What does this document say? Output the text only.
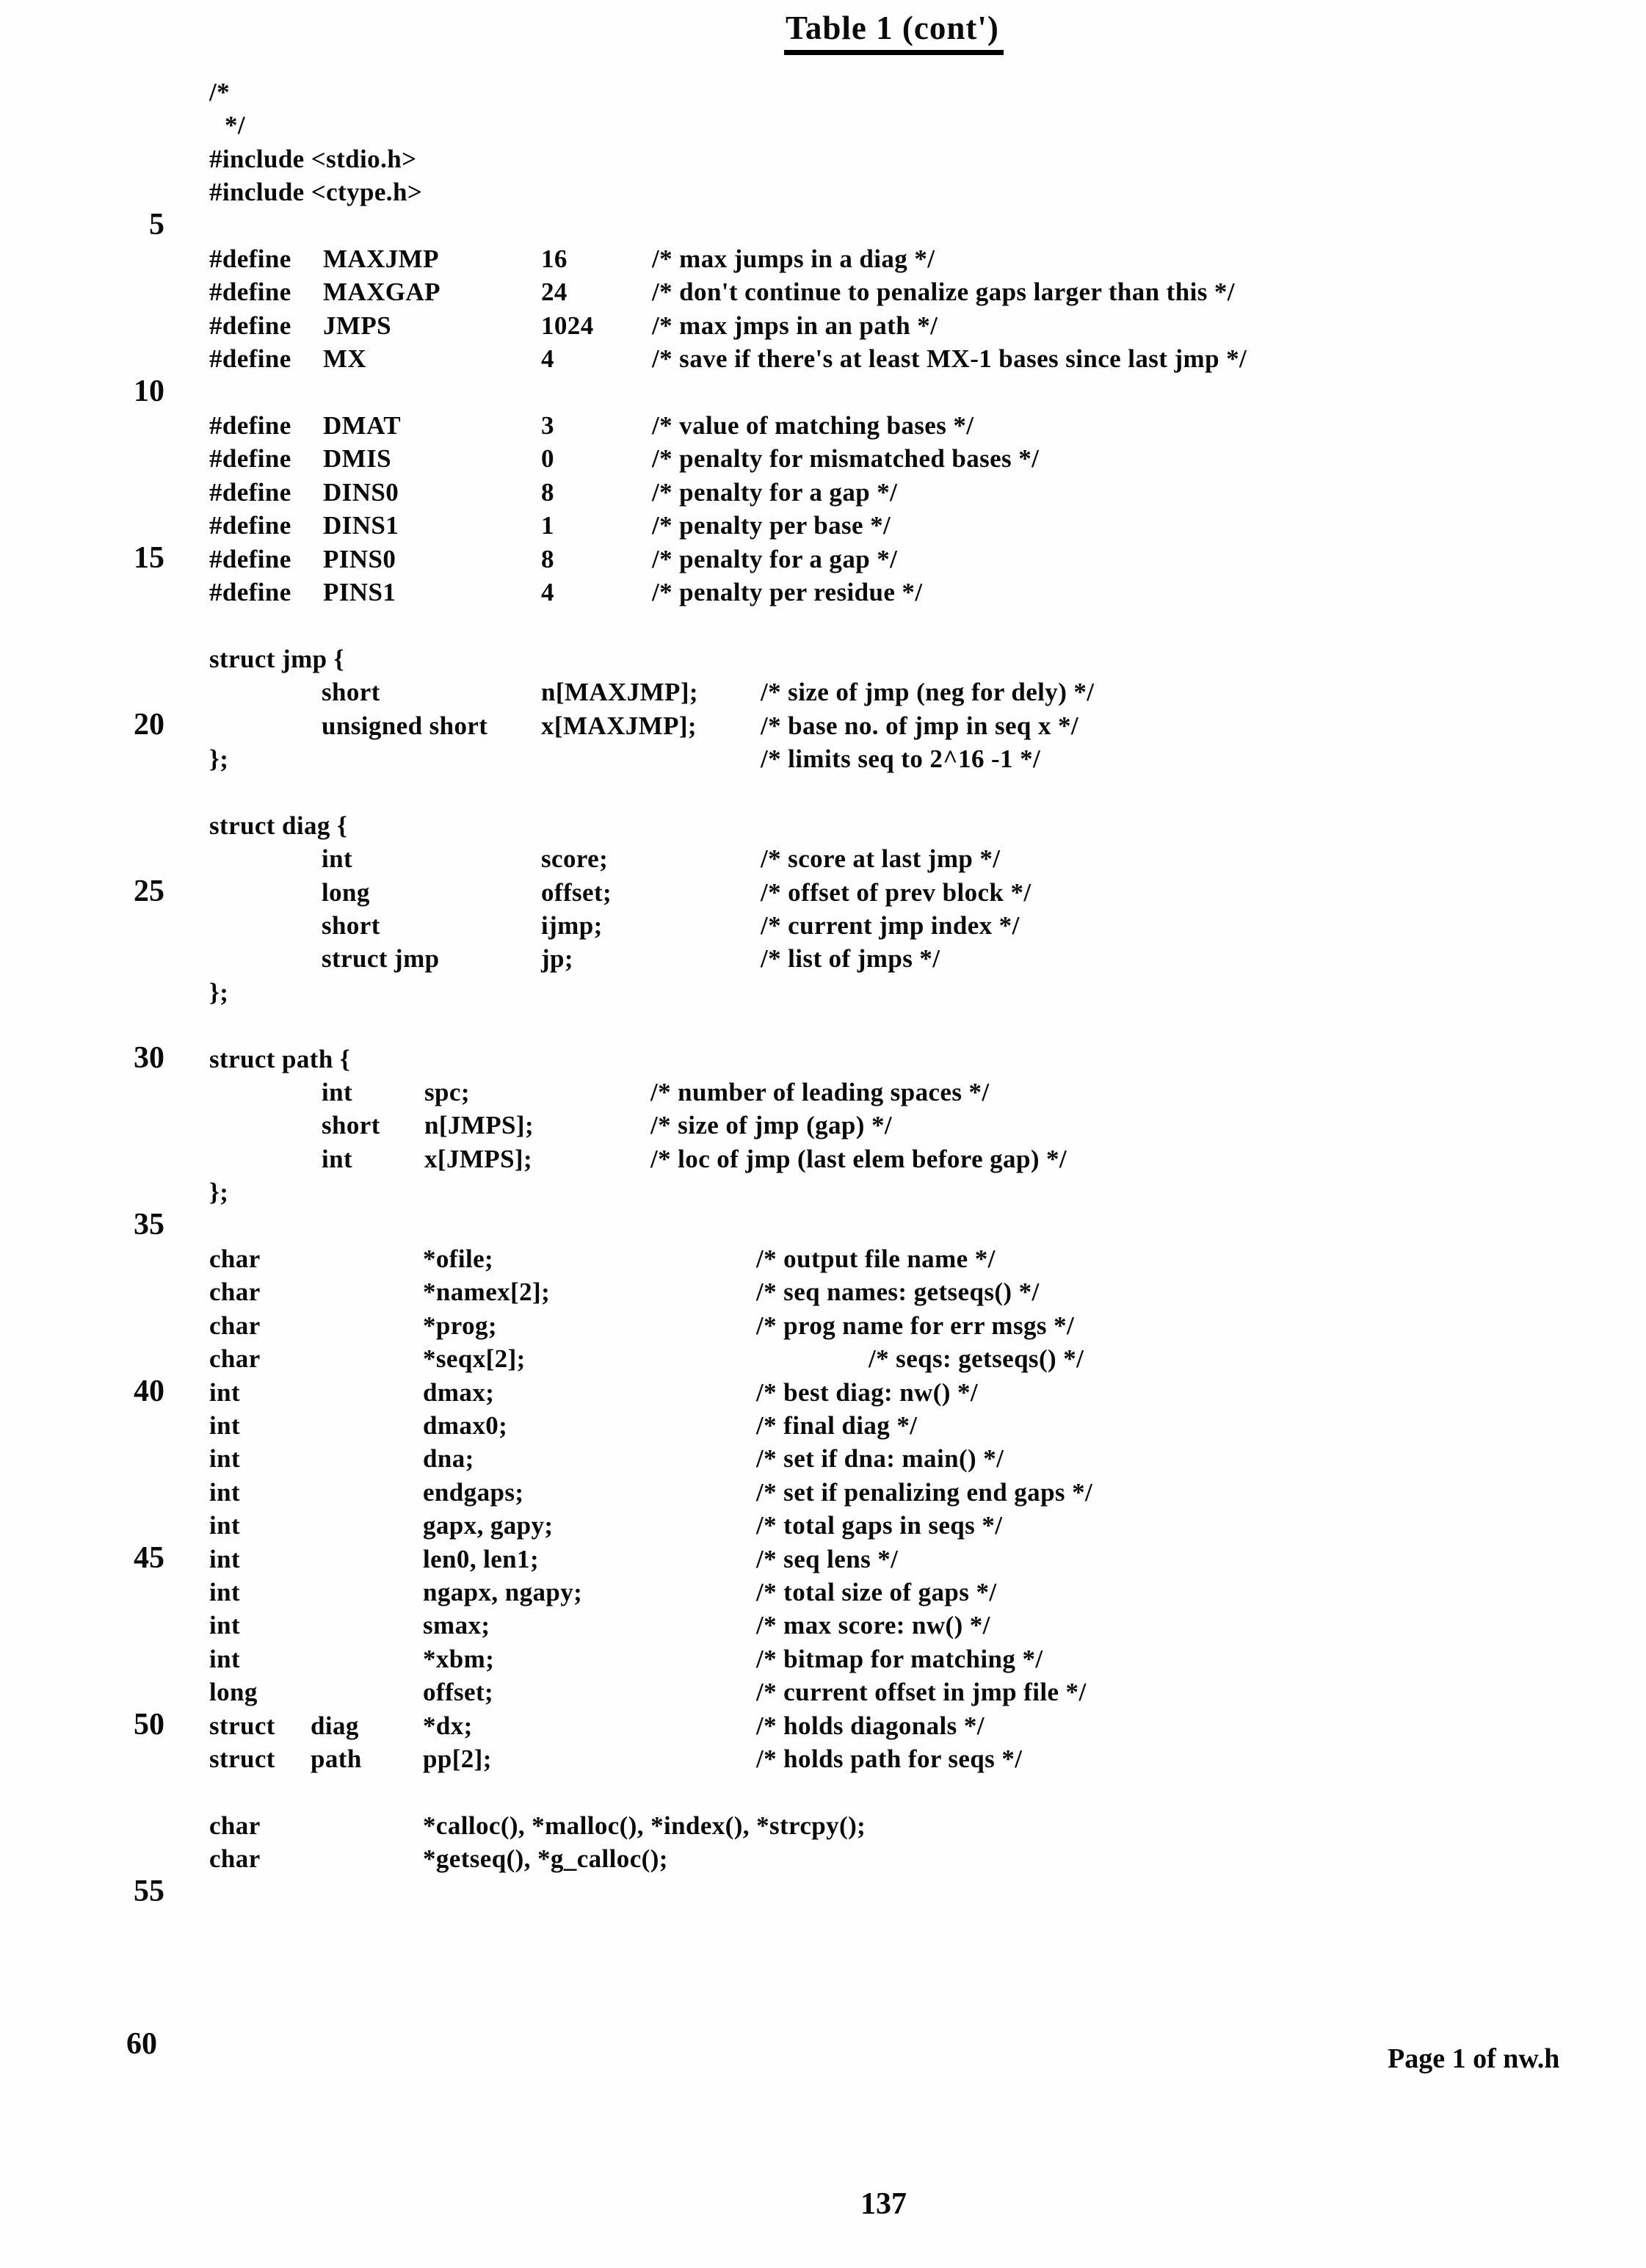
Table 1 (cont')
/*
*/
#include <stdio.h>
#include <ctype.h>
5
#define MAXJMP	16	/* max jumps in a diag */
#define MAXGAP	24	/* don't continue to penalize gaps larger than this */
#define JMPS	1024 /* max jmps in an path */
#define MX	4	/* save if there's at least MX-1 bases since last jmp */
10
#define DMAT	3	/* value of matching bases */
#define DMIS	0	/* penalty for mismatched bases */
#define DINS0	8	/* penalty for a gap */
#define DINS1	1	/* penalty per base */
15 #define PINS0	8	/* penalty for a gap */
#define PINS1	4	/* penalty per residue */
struct jmp {
short	n[MAXJMP]; /* size of jmp (neg for dely) */
20	unsigned short x[MAXJMP]; /* base no. of jmp in seq x */
};	/* limits seq to 2^16 -1 */
struct diag {
int	score;	/* score at last jmp */
25	long	offset;	/* offset of prev block */
short	ijmp;	/* current jmp index */
struct jmp	jp;	/* list of jmps */
};
30 struct path {
int	spc;	/* number of leading spaces */
short n[JMPS];	/* size of jmp (gap) */
int	x[JMPS];	/* loc of jmp (last elem before gap) */
};
35
char	*ofile;	/* output file name */
char	*namex[2];	/* seq names: getseqs() */
char	*prog;	/* prog name for err msgs */
char	*seqx[2];	/* seqs: getseqs() */
40 int	dmax;	/* best diag: nw() */
int	dmax0;	/* final diag */
int	dna;	/* set if dna: main() */
int	endgaps;	/* set if penalizing end gaps */
int	gapx, gapy;	/* total gaps in seqs */
45 int	len0, len1;	/* seq lens */
int	ngapx, ngapy;	/* total size of gaps */
int	smax;	/* max score: nw() */
int	*xbm;	/* bitmap for matching */
long	offset;	/* current offset in jmp file */
50 struct diag *dx;	/* holds diagonals */
struct path pp[2];	/* holds path for seqs */
char	*calloc(), *malloc(), *index(), *strcpy();
char	*getseq(), *g_calloc();
55
60	Page 1 of nw.h
137
